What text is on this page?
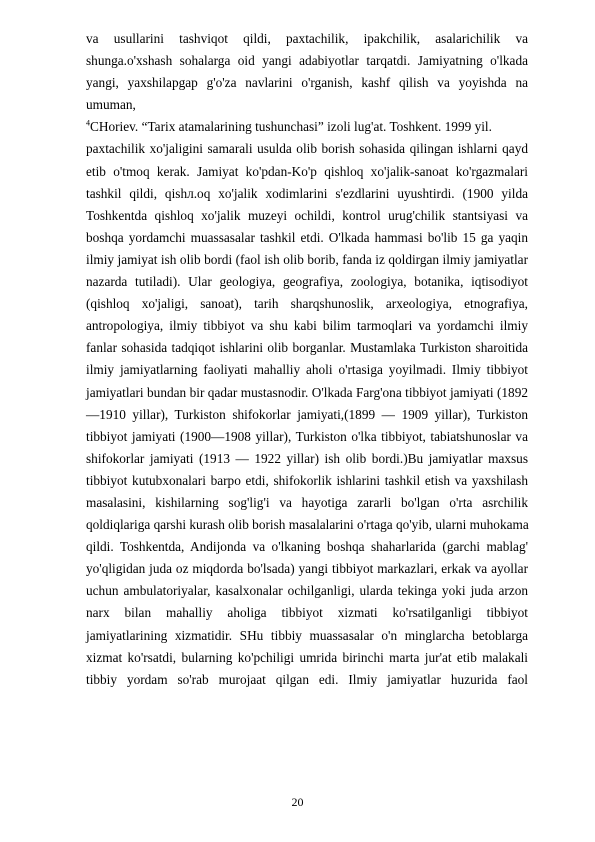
va usullarini tashviqot qildi, paxtachilik, ipakchilik, asalarichilik va
shunga.o'xshash sohalarga oid yangi adabiyotlar tarqatdi. Jamiyatning o'lkada
yangi, yaxshilapgap g'o'za navlarini o'rganish, kashf qilish va yoyishda na
umuman,
$^4$CHoriev. “Tarix atamalarining tushunchasi” izoli lug'at. Toshkent. 1999 yil.
paxtachilik xo'jaligini samarali usulda olib borish sohasida qilingan ishlarni qayd
etib o'tmoq kerak. Jamiyat ko'pdan-Ko'p qishloq xo'jalik-sanoat ko'rgazmalari
tashkil qildi, qishл.oq xo'jalik xodimlarini s'ezdlarini uyushtirdi. (1900 yilda
Toshkentda qishloq xo'jalik muzeyi ochildi, kontrol urug'chilik stantsiyasi va
boshqa yordamchi muassasalar tashkil etdi. O'lkada hammasi bo'lib 15 ga yaqin
ilmiy jamiyat ish olib bordi (faol ish olib borib, fanda iz qoldirgan ilmiy jamiyatlar
nazarda tutiladi). Ular geologiya, geografiya, zoologiya, botanika, iqtisodiyot
(qishloq xo'jaligi, sanoat), tarih sharqshunoslik, arxeologiya, etnografiya,
antropologiya, ilmiy tibbiyot va shu kabi bilim tarmoqlari va yordamchi ilmiy
fanlar sohasida tadqiqot ishlarini olib borganlar. Mustamlaka Turkiston sharoitida
ilmiy jamiyatlarning faoliyati mahalliy aholi o'rtasiga yoyilmadi. Ilmiy tibbiyot
jamiyatlari bundan bir qadar mustasnodir. O'lkada Farg'ona tibbiyot jamiyati (1892
—1910 yillar), Turkiston shifokorlar jamiyati,(1899 — 1909 yillar), Turkiston
tibbiyot jamiyati (1900—1908 yillar), Turkiston o'lka tibbiyot, tabiatshunoslar va
shifokorlar jamiyati (1913 — 1922 yillar) ish olib bordi.)Bu jamiyatlar maxsus
tibbiyot kutubxonalari barpo etdi, shifokorlik ishlarini tashkil etish va yaxshilash
masalasini, kishilarning sog'lig'i va hayotiga zararli bo'lgan o'rta asrchilik
qoldiqlariga qarshi kurash olib borish masalalarini o'rtaga qo'yib, ularni muhokama
qildi. Toshkentda, Andijonda va o'lkaning boshqa shaharlarida (garchi mablag'
yo'qligidan juda oz miqdorda bo'lsada) yangi tibbiyot markazlari, erkak va ayollar
uchun ambulatoriyalar, kasalxonalar ochilganligi, ularda tekinga yoki juda arzon
narx bilan mahalliy aholiga tibbiyot xizmati ko'rsatilganligi tibbiyot
jamiyatlarining xizmatidir. SHu tibbiy muassasalar o'n minglarcha betoblarga
xizmat ko'rsatdi, bularning ko'pchiligi umrida birinchi marta jur'at etib malakali
tibbiy yordam so'rab murojaat qilgan edi. Ilmiy jamiyatlar huzurida faol
20
